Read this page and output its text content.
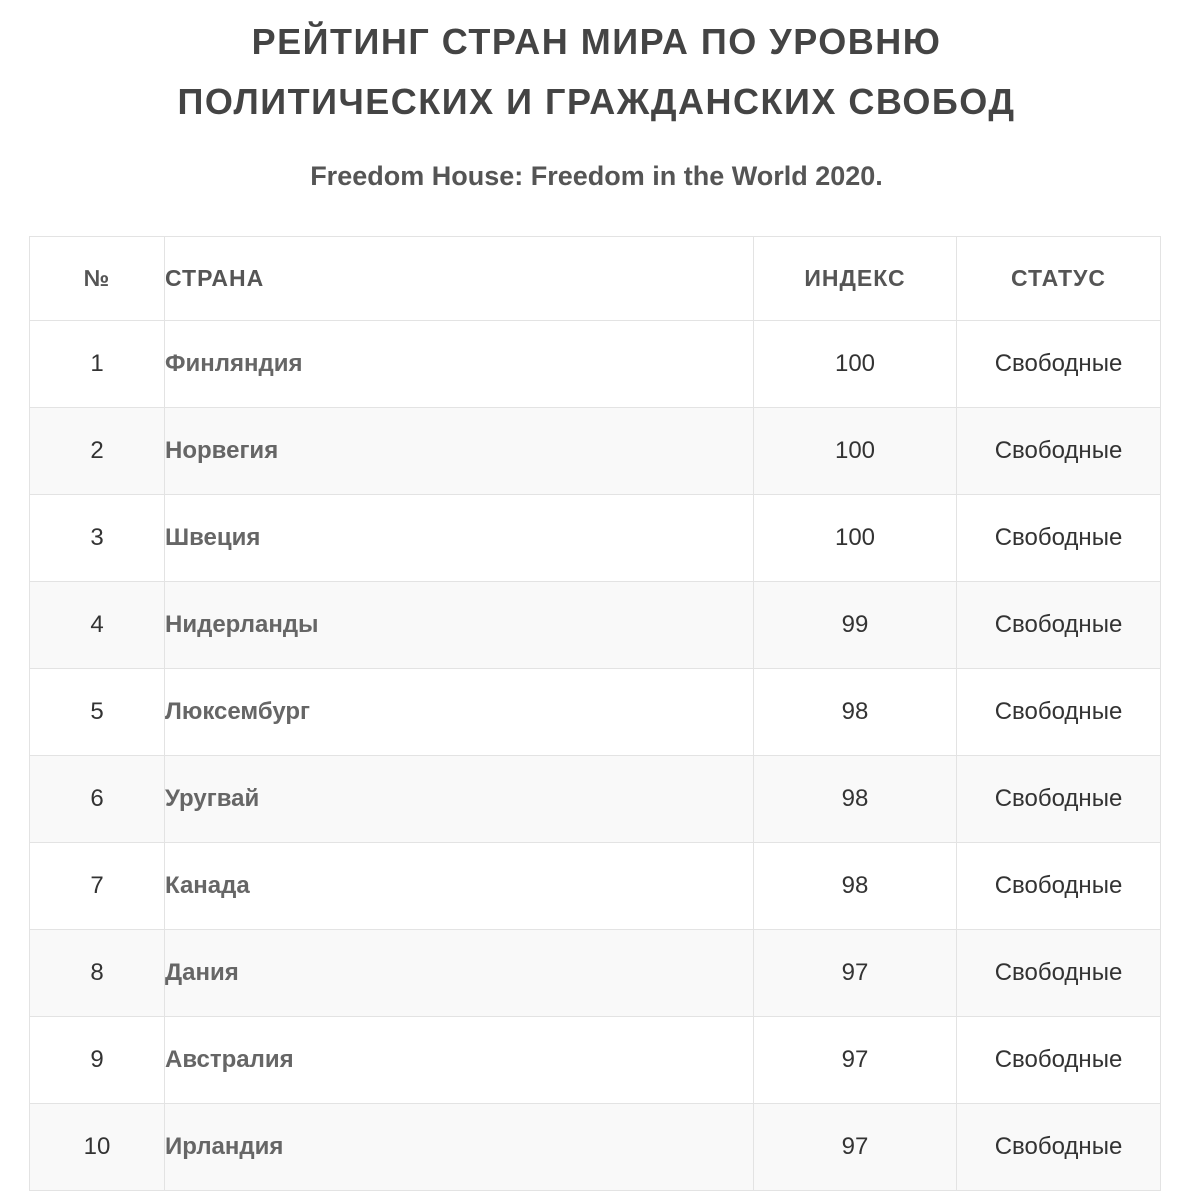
РЕЙТИНГ СТРАН МИРА ПО УРОВНЮ
ПОЛИТИЧЕСКИХ И ГРАЖДАНСКИХ СВОБОД

Freedom House: Freedom in the World 2020.

№	СТРАНА	ИНДЕКС	СТАТУС
1	Финляндия	100	Свободные
2	Норвегия	100	Свободные
3	Швеция	100	Свободные
4	Нидерланды	99	Свободные
5	Люксембург	98	Свободные
6	Уругвай	98	Свободные
7	Канада	98	Свободные
8	Дания	97	Свободные
9	Австралия	97	Свободные
10	Ирландия	97	Свободные
